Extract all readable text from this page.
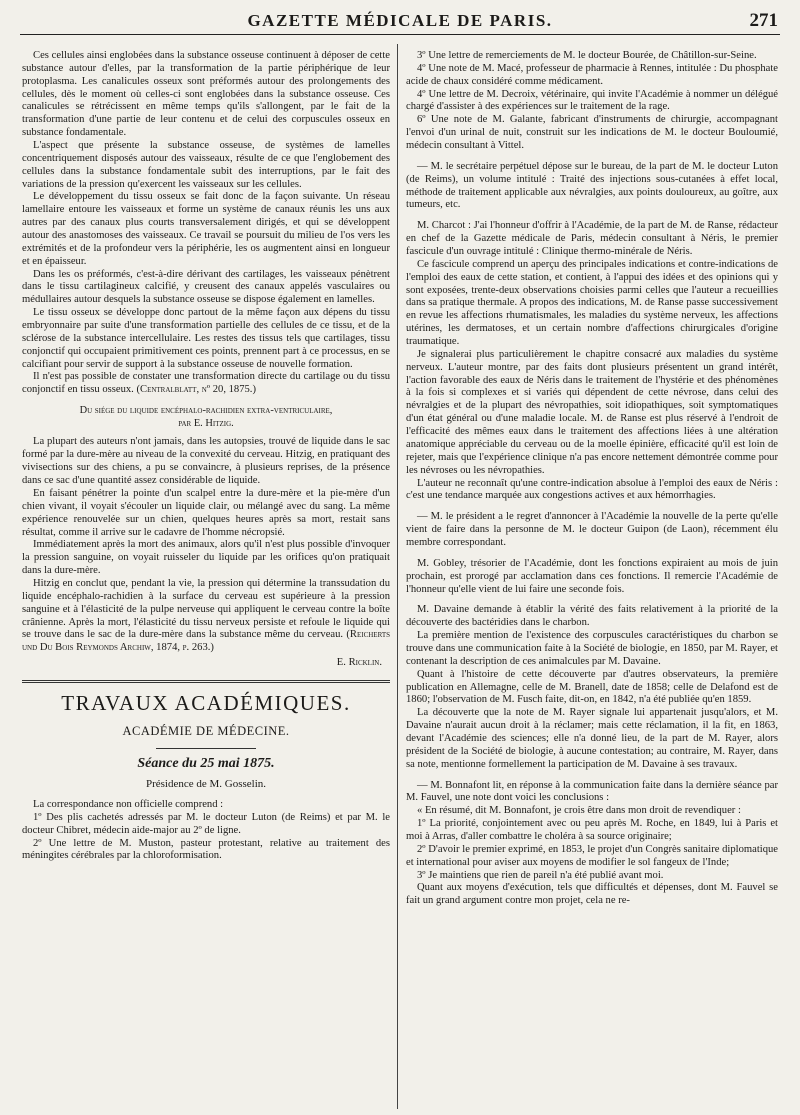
GAZETTE MÉDICALE DE PARIS.	271

Ces cellules ainsi englobées dans la substance osseuse continuent à déposer de cette substance autour d'elles, par la transformation de la partie périphérique de leur protoplasma. Les canalicules osseux sont préformés autour des prolongements des cellules, dès le moment où celles-ci sont englobées dans la substance osseuse. Ces canalicules se rétrécissent en même temps qu'ils s'allongent, par le fait de la transformation d'une partie de leur contenu et de celui des corpuscules osseux en substance fondamentale.

L'aspect que présente la substance osseuse, de systèmes de lamelles concentriquement disposés autour des vaisseaux, résulte de ce que l'englobement des cellules dans la substance fondamentale subit des interruptions, par le fait des variations de la pression qu'exercent les vaisseaux sur les cellules.

Le développement du tissu osseux se fait donc de la façon suivante. Un réseau lamellaire entoure les vaisseaux et forme un système de canaux réunis les uns aux autres par des canaux plus courts transversalement dirigés, et qui se développent autour des anastomoses des vaisseaux. Ce travail se poursuit du milieu de l'os vers les extrémités et de la profondeur vers la périphérie, les os augmentent ainsi en longueur et en épaisseur.

Dans les os préformés, c'est-à-dire dérivant des cartilages, les vaisseaux pénètrent dans le tissu cartilagineux calcifié, y creusent des canaux appelés vasculaires ou médullaires autour desquels la substance osseuse se dispose également en lamelles.

Le tissu osseux se développe donc partout de la même façon aux dépens du tissu embryonnaire par suite d'une transformation partielle des cellules de ce tissu, et de la sclérose de la substance intercellulaire. Les restes des tissus tels que cartilages, tissu conjonctif qui occupaient primitivement ces points, prennent part à ce processus, en se calcifiant pour servir de support à la substance osseuse de nouvelle formation.

Il n'est pas possible de constater une transformation directe du cartilage ou du tissu conjonctif en tissu osseux. (Centralblatt, nº 20, 1875.)

Du siége du liquide encéphalo-rachidien extra-ventriculaire,
par E. Hitzig.

La plupart des auteurs n'ont jamais, dans les autopsies, trouvé de liquide dans le sac formé par la dure-mère au niveau de la convexité du cerveau. Hitzig, en pratiquant des vivisections sur des chiens, a pu se convaincre, à plusieurs reprises, de la présence dans ce sac d'une quantité assez considérable de liquide.

En faisant pénétrer la pointe d'un scalpel entre la dure-mère et la pie-mère d'un chien vivant, il voyait s'écouler un liquide clair, ou mélangé avec du sang. La même expérience renouvelée sur un chien, quelques heures après sa mort, restait sans résultat, comme il arrive sur le cadavre de l'homme nécropsié.

Immédiatement après la mort des animaux, alors qu'il n'est plus possible d'invoquer la pression sanguine, on voyait ruisseler du liquide par les orifices qu'on pratiquait dans la dure-mère.

Hitzig en conclut que, pendant la vie, la pression qui détermine la transsudation du liquide encéphalo-rachidien à la surface du cerveau est supérieure à la pression sanguine et à l'élasticité de la pulpe nerveuse qui appliquent le cerveau contre la boîte crânienne. Après la mort, l'élasticité du tissu nerveux persiste et refoule le liquide qui se trouve dans le sac de la dure-mère dans la substance même du cerveau. (Reicherts und Du Bois Reymonds Archiw, 1874, p. 263.)

E. Ricklin.
TRAVAUX ACADÉMIQUES.
ACADÉMIE DE MÉDECINE.
Séance du 25 mai 1875.
Présidence de M. Gosselin.

La correspondance non officielle comprend :

1º Des plis cachetés adressés par M. le docteur Luton (de Reims) et par M. le docteur Chibret, médecin aide-major au 2º de ligne.

2º Une lettre de M. Muston, pasteur protestant, relative au traitement des méningites cérébrales par la chloroformisation.

3º Une lettre de remerciements de M. le docteur Bourée, de Châtillon-sur-Seine.

4º Une note de M. Macé, professeur de pharmacie à Rennes, intitulée : Du phosphate acide de chaux considéré comme médicament.

4º Une lettre de M. Decroix, vétérinaire, qui invite l'Académie à nommer un délégué chargé d'assister à des expériences sur le traitement de la rage.

6º Une note de M. Galante, fabricant d'instruments de chirurgie, accompagnant l'envoi d'un urinal de nuit, construit sur les indications de M. le docteur Bouloumié, médecin consultant à Vittel.

— M. le secrétaire perpétuel dépose sur le bureau, de la part de M. le docteur Luton (de Reims), un volume intitulé : Traité des injections sous-cutanées à effet local, méthode de traitement applicable aux névralgies, aux points douloureux, au goître, aux tumeurs, etc.

M. Charcot : J'ai l'honneur d'offrir à l'Académie, de la part de M. de Ranse, rédacteur en chef de la Gazette médicale de Paris, médecin consultant à Néris, le premier fascicule d'un ouvrage intitulé : Clinique thermo-minérale de Néris.

Ce fascicule comprend un aperçu des principales indications et contre-indications de l'emploi des eaux de cette station, et contient, à l'appui des idées et des opinions qui y sont exposées, trente-deux observations choisies parmi celles que l'auteur a recueillies dans sa pratique thermale. A propos des indications, M. de Ranse passe successivement en revue les affections rhumatismales, les maladies du système nerveux, les affections utérines, les dermatoses, et un certain nombre d'affections chirurgicales d'origine traumatique.

Je signalerai plus particulièrement le chapitre consacré aux maladies du système nerveux. L'auteur montre, par des faits dont plusieurs présentent un grand intérêt, l'action favorable des eaux de Néris dans le traitement de l'hystérie et des phénomènes à la fois si complexes et si variés qui dépendent de cette névrose, dans celui des névralgies et de la plupart des névropathies, soit idiopathiques, soit symptomatiques d'un état général ou d'une maladie locale. M. de Ranse est plus réservé à l'endroit de l'efficacité des mêmes eaux dans le traitement des affections liées à une altération anatomique appréciable du cerveau ou de la moelle épinière, efficacité qu'il est loin de rejeter, mais que l'expérience clinique n'a pas encore nettement démontrée comme pour les névroses ou les névropathies.

L'auteur ne reconnaît qu'une contre-indication absolue à l'emploi des eaux de Néris : c'est une tendance marquée aux congestions actives et aux hémorrhagies.

— M. le président a le regret d'annoncer à l'Académie la nouvelle de la perte qu'elle vient de faire dans la personne de M. le docteur Guipon (de Laon), récemment élu membre correspondant.

M. Gobley, trésorier de l'Académie, dont les fonctions expiraient au mois de juin prochain, est prorogé par acclamation dans ces fonctions. Il remercie l'Académie de l'honneur qu'elle vient de lui faire une seconde fois.

M. Davaine demande à établir la vérité des faits relativement à la priorité de la découverte des bactéridies dans le charbon.

La première mention de l'existence des corpuscules caractéristiques du charbon se trouve dans une communication faite à la Société de biologie, en 1850, par M. Rayer, et contenant la description de ces animalcules par M. Davaine.

Quant à l'histoire de cette découverte par d'autres observateurs, la première publication en Allemagne, celle de M. Branell, date de 1858; celle de Delafond est de 1860; l'observation de M. Fusch faite, dit-on, en 1842, n'a été publiée qu'en 1859.

La découverte que la note de M. Rayer signale lui appartenait jusqu'alors, et M. Davaine n'aurait aucun droit à la réclamer; mais cette réclamation, il la fit, en 1863, devant l'Académie des sciences; elle n'a donné lieu, de la part de M. Rayer, alors président de la Société de biologie, à aucune contestation; au contraire, M. Rayer, dans sa note, mentionne formellement la participation de M. Davaine à ses travaux.

— M. Bonnafont lit, en réponse à la communication faite dans la dernière séance par M. Fauvel, une note dont voici les conclusions :

« En résumé, dit M. Bonnafont, je crois être dans mon droit de revendiquer :

1º La priorité, conjointement avec ou peu après M. Roche, en 1849, lui à Paris et moi à Arras, d'aller combattre le choléra à sa source originaire;

2º D'avoir le premier exprimé, en 1853, le projet d'un Congrès sanitaire diplomatique et international pour aviser aux moyens de modifier le sol fangeux de l'Inde;

3º Je maintiens que rien de pareil n'a été publié avant moi.

Quant aux moyens d'exécution, tels que difficultés et dépenses, dont M. Fauvel se fait un grand argument contre mon projet, cela ne re-
